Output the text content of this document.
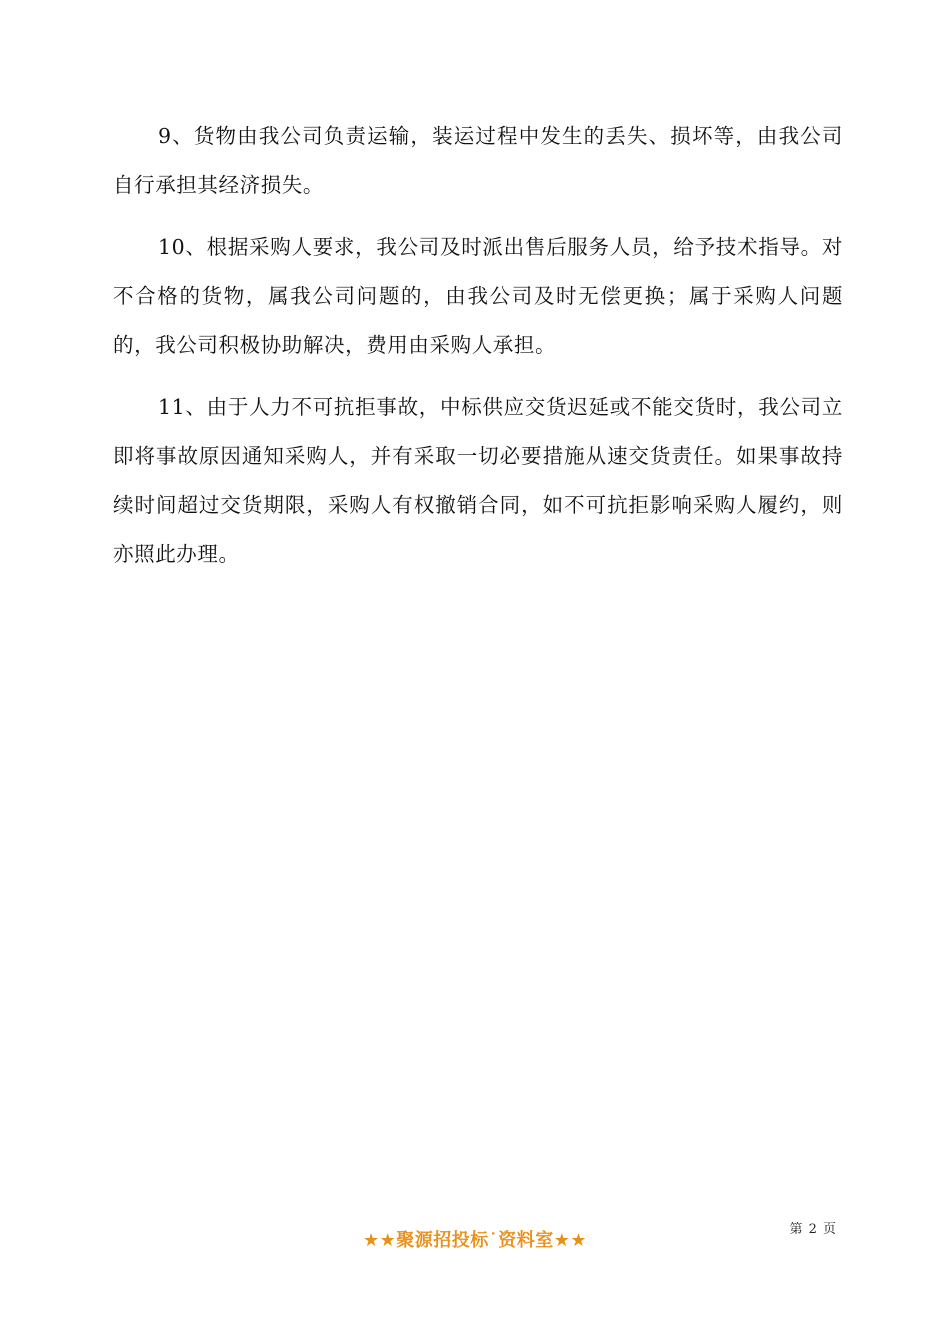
9、货物由我公司负责运输，装运过程中发生的丢失、损坏等，由我公司自行承担其经济损失。

10、根据采购人要求，我公司及时派出售后服务人员，给予技术指导。对不合格的货物，属我公司问题的，由我公司及时无偿更换；属于采购人问题的，我公司积极协助解决，费用由采购人承担。

11、由于人力不可抗拒事故，中标供应交货迟延或不能交货时，我公司立即将事故原因通知采购人，并有采取一切必要措施从速交货责任。如果事故持续时间超过交货期限，采购人有权撤销合同，如不可抗拒影响采购人履约，则亦照此办理。

第 2 页
★★聚源招投标˙资料室★★
